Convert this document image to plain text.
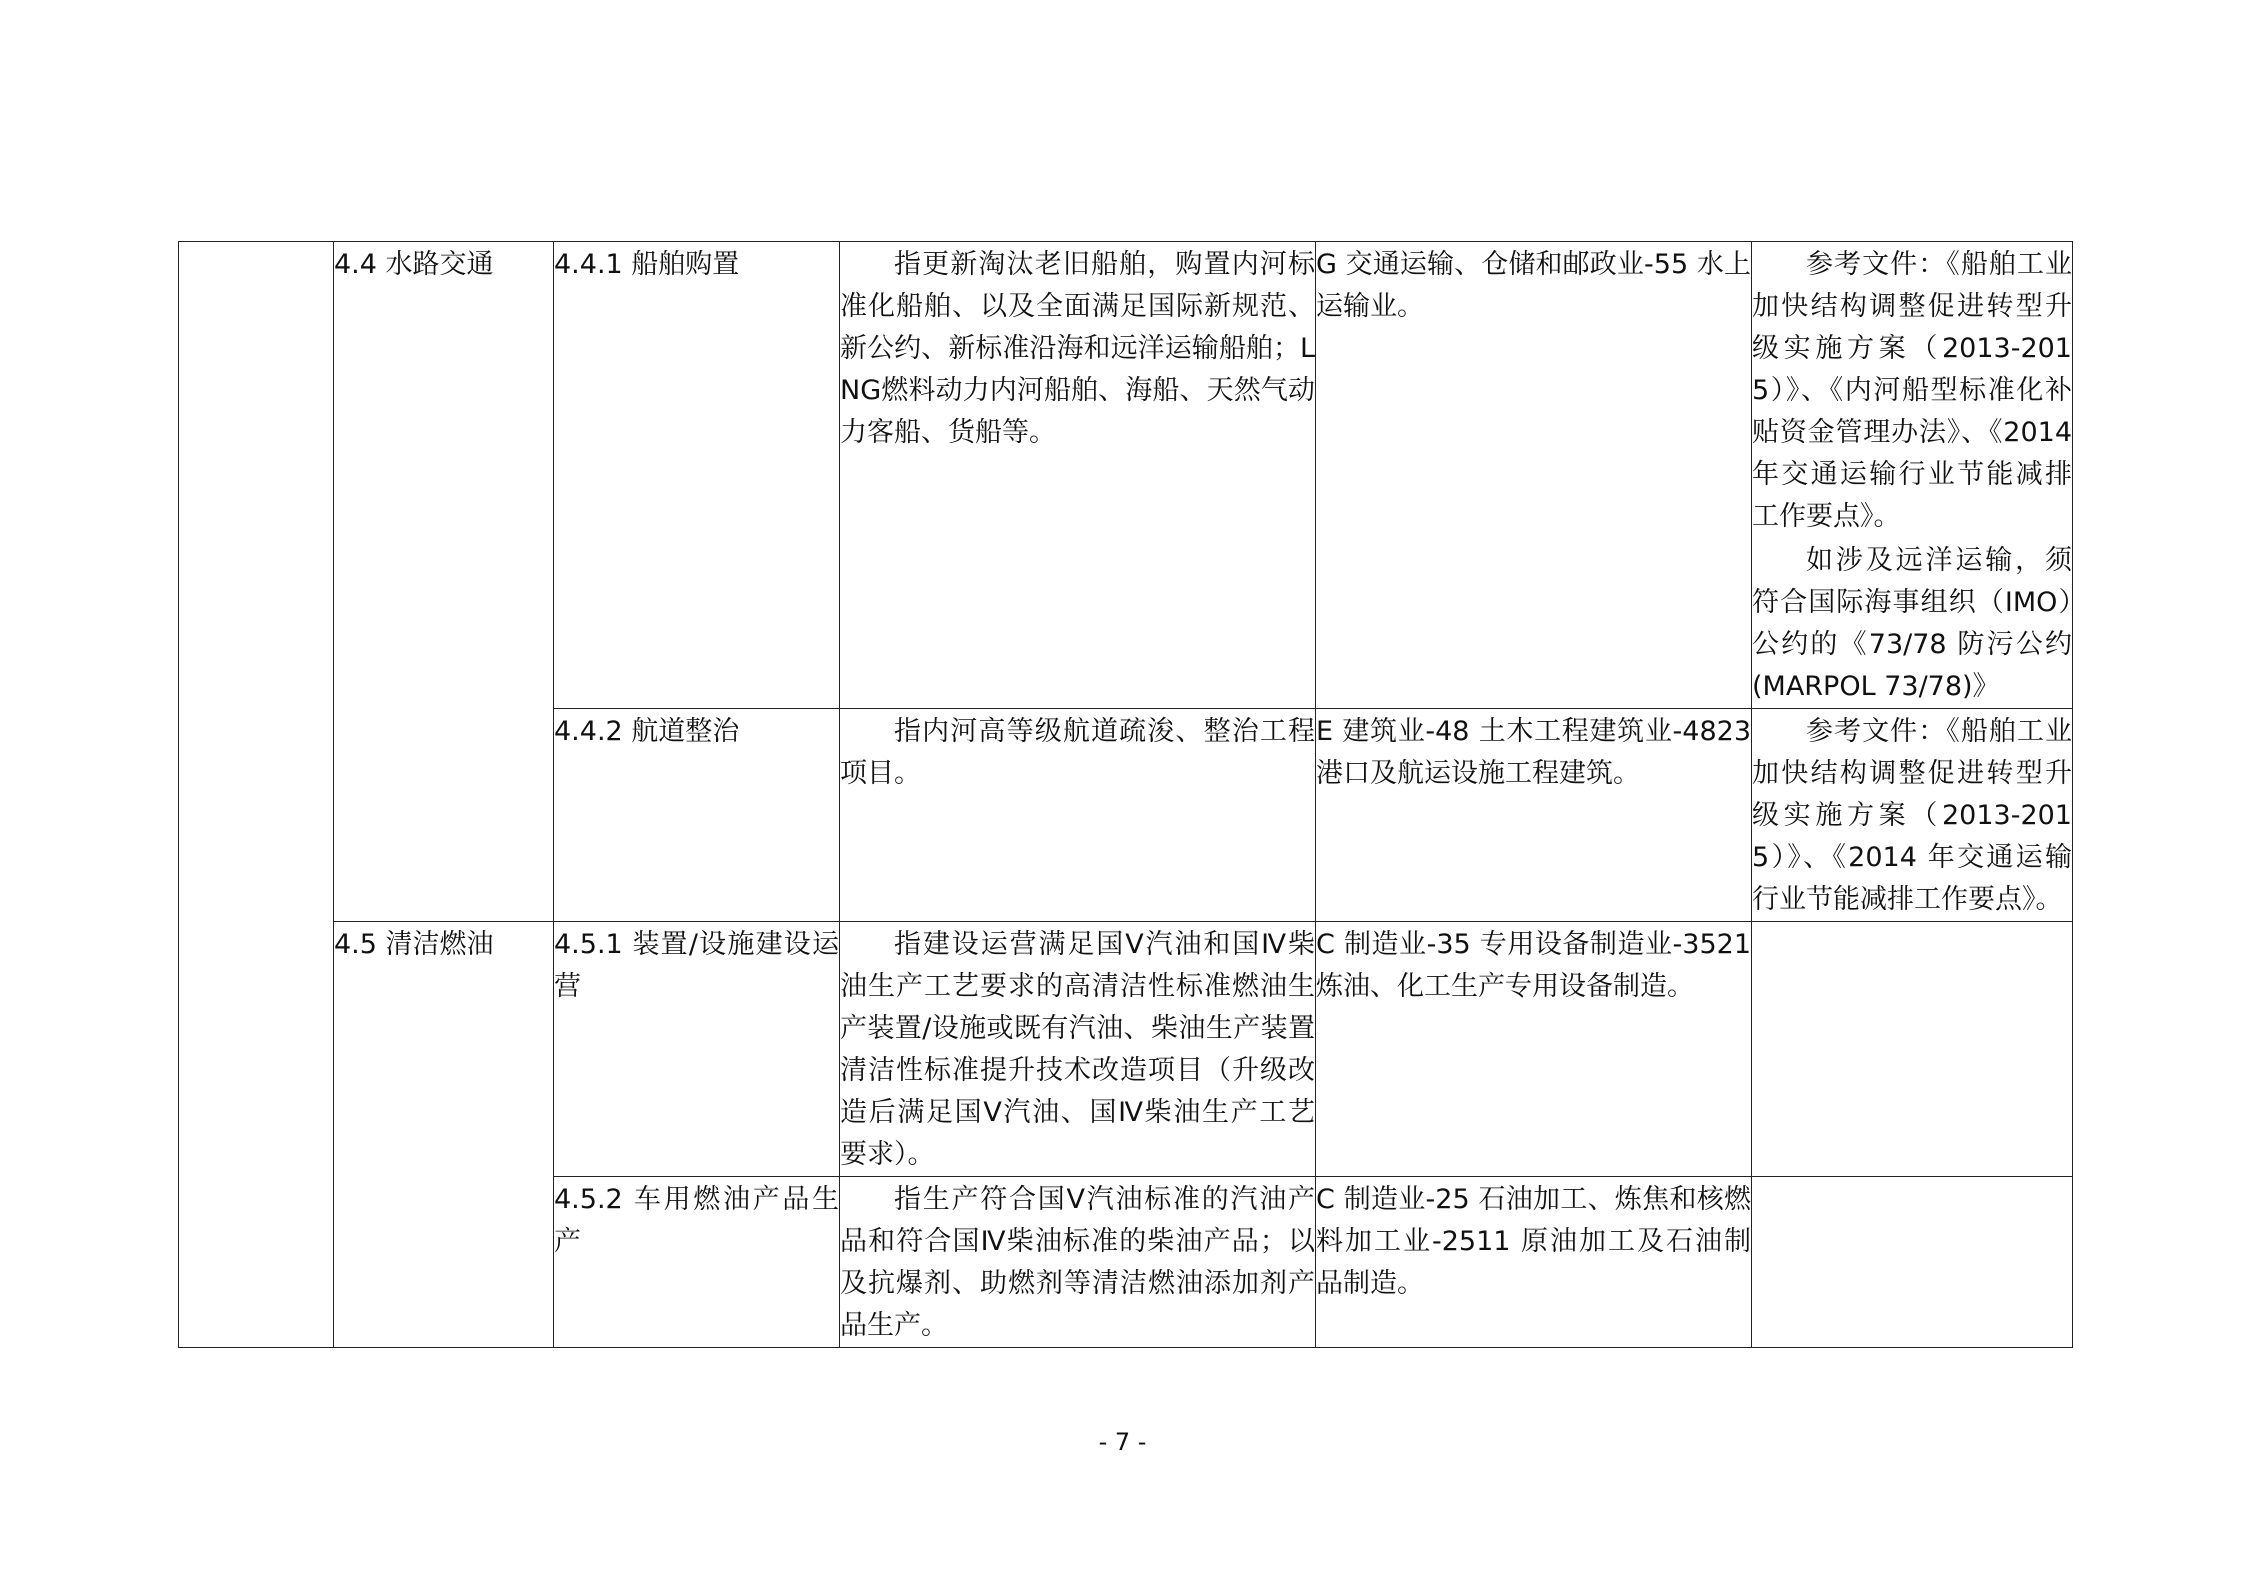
	4.4 水路交通	4.4.1 船舶购置	指更新淘汰老旧船舶，购置内河标准化船舶、以及全面满足国际新规范、新公约、新标准沿海和远洋运输船舶；LNG燃料动力内河船舶、海船、天然气动力客船、货船等。	G 交通运输、仓储和邮政业-55 水上运输业。	参考文件：《船舶工业加快结构调整促进转型升级实施方案（2013-2015）》、《内河船型标准化补贴资金管理办法》、《2014 年交通运输行业节能减排工作要点》。
如涉及远洋运输，须符合国际海事组织（IMO）公约的《73/78 防污公约(MARPOL 73/78)》

		4.4.2 航道整治	指内河高等级航道疏浚、整治工程项目。	E 建筑业-48 土木工程建筑业-4823 港口及航运设施工程建筑。	参考文件：《船舶工业加快结构调整促进转型升级实施方案（2013-2015）》、《2014 年交通运输行业节能减排工作要点》。

	4.5 清洁燃油	4.5.1 装置/设施建设运营	指建设运营满足国Ⅴ汽油和国Ⅳ柴油生产工艺要求的高清洁性标准燃油生产装置/设施或既有汽油、柴油生产装置清洁性标准提升技术改造项目（升级改造后满足国Ⅴ汽油、国Ⅳ柴油生产工艺要求）。	C 制造业-35 专用设备制造业-3521 炼油、化工生产专用设备制造。	

		4.5.2 车用燃油产品生产	指生产符合国Ⅴ汽油标准的汽油产品和符合国Ⅳ柴油标准的柴油产品；以及抗爆剂、助燃剂等清洁燃油添加剂产品生产。	C 制造业-25 石油加工、炼焦和核燃料加工业-2511 原油加工及石油制品制造。	

- 7 -
